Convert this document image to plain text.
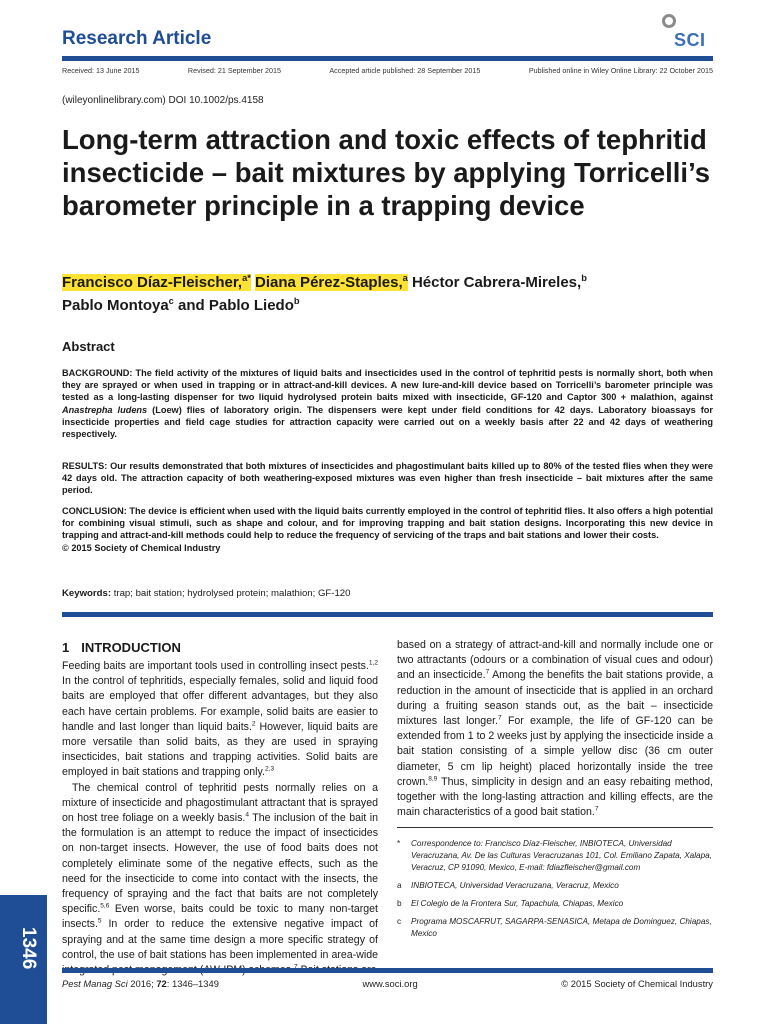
Research Article	SCI
Received: 13 June 2015	Revised: 21 September 2015	Accepted article published: 28 September 2015	Published online in Wiley Online Library: 22 October 2015
(wileyonlinelibrary.com) DOI 10.1002/ps.4158
Long-term attraction and toxic effects of tephritid insecticide – bait mixtures by applying Torricelli’s barometer principle in a trapping device
Francisco Díaz-Fleischer,$^{a*}$ Diana Pérez-Staples,$^a$ Héctor Cabrera-Mireles,$^b$
Pablo Montoya$^c$ and Pablo Liedo$^b$
Abstract

BACKGROUND: The field activity of the mixtures of liquid baits and insecticides used in the control of tephritid pests is normally short, both when they are sprayed or when used in trapping or in attract-and-kill devices. A new lure-and-kill device based on Torricelli’s barometer principle was tested as a long-lasting dispenser for two liquid hydrolysed protein baits mixed with insecticide, GF-120 and Captor 300 + malathion, against Anastrepha ludens (Loew) flies of laboratory origin. The dispensers were kept under field conditions for 42 days. Laboratory bioassays for insecticide properties and field cage studies for attraction capacity were carried out on a weekly basis after 22 and 42 days of weathering respectively.

RESULTS: Our results demonstrated that both mixtures of insecticides and phagostimulant baits killed up to 80% of the tested flies when they were 42 days old. The attraction capacity of both weathering-exposed mixtures was even higher than fresh insecticide – bait mixtures after the same period.

CONCLUSION: The device is efficient when used with the liquid baits currently employed in the control of tephritid flies. It also offers a high potential for combining visual stimuli, such as shape and colour, and for improving trapping and bait station designs. Incorporating this new device in trapping and attract-and-kill methods could help to reduce the frequency of servicing of the traps and bait stations and lower their costs.
© 2015 Society of Chemical Industry

Keywords: trap; bait station; hydrolysed protein; malathion; GF-120
1 INTRODUCTION

Feeding baits are important tools used in controlling insect pests.$^{1,2}$ In the control of tephritids, especially females, solid and liquid food baits are employed that offer different advantages, but they also each have certain problems. For example, solid baits are easier to handle and last longer than liquid baits.$^2$ However, liquid baits are more versatile than solid baits, as they are used in spraying insecticides, bait stations and trapping activities. Solid baits are employed in bait stations and trapping only.$^{2,3}$

The chemical control of tephritid pests normally relies on a mixture of insecticide and phagostimulant attractant that is sprayed on host tree foliage on a weekly basis.$^4$ The inclusion of the bait in the formulation is an attempt to reduce the impact of insecticides on non-target insects. However, the use of food baits does not completely eliminate some of the negative effects, such as the need for the insecticide to come into contact with the insects, the frequency of spraying and the fact that baits are not completely specific.$^{5,6}$ Even worse, baits could be toxic to many non-target insects.$^5$ In order to reduce the extensive negative impact of spraying and at the same time design a more specific strategy of control, the use of bait stations has been implemented in area-wide

based on a strategy of attract-and-kill and normally include one or two attractants (odours or a combination of visual cues and odour) and an insecticide.$^7$ Among the benefits the bait stations provide, a reduction in the amount of insecticide that is applied in an orchard during a fruiting season stands out, as the bait – insecticide mixtures last longer.$^7$ For example, the life of GF-120 can be extended from 1 to 2 weeks just by applying the insecticide inside a bait station consisting of a simple yellow disc (36 cm outer diameter, 5 cm lip height) placed horizontally inside the tree crown.$^{8,9}$ Thus, simplicity in design and an easy rebaiting method, together with the long-lasting attraction and killing effects, are the main characteristics of a good bait station.$^7$

*	Correspondence to: Francisco Díaz-Fleischer, INBIOTECA, Universidad Veracruzana, Av. De las Culturas Veracruzanas 101, Col. Emiliano Zapata, Xalapa, Veracruz, CP 91090, Mexico, E-mail: fdiazfleischer@gmail.com
a	INBIOTECA, Universidad Veracruzana, Veracruz, Mexico
b	El Colegio de la Frontera Sur, Tapachula, Chiapas, Mexico
c	Programa MOSCAFRUT, SAGARPA-SENASICA, Metapa de Dominguez, Chiapas, Mexico
1346
Pest Manag Sci 2016; 72: 1346–1349	www.soci.org	© 2015 Society of Chemical Industry
